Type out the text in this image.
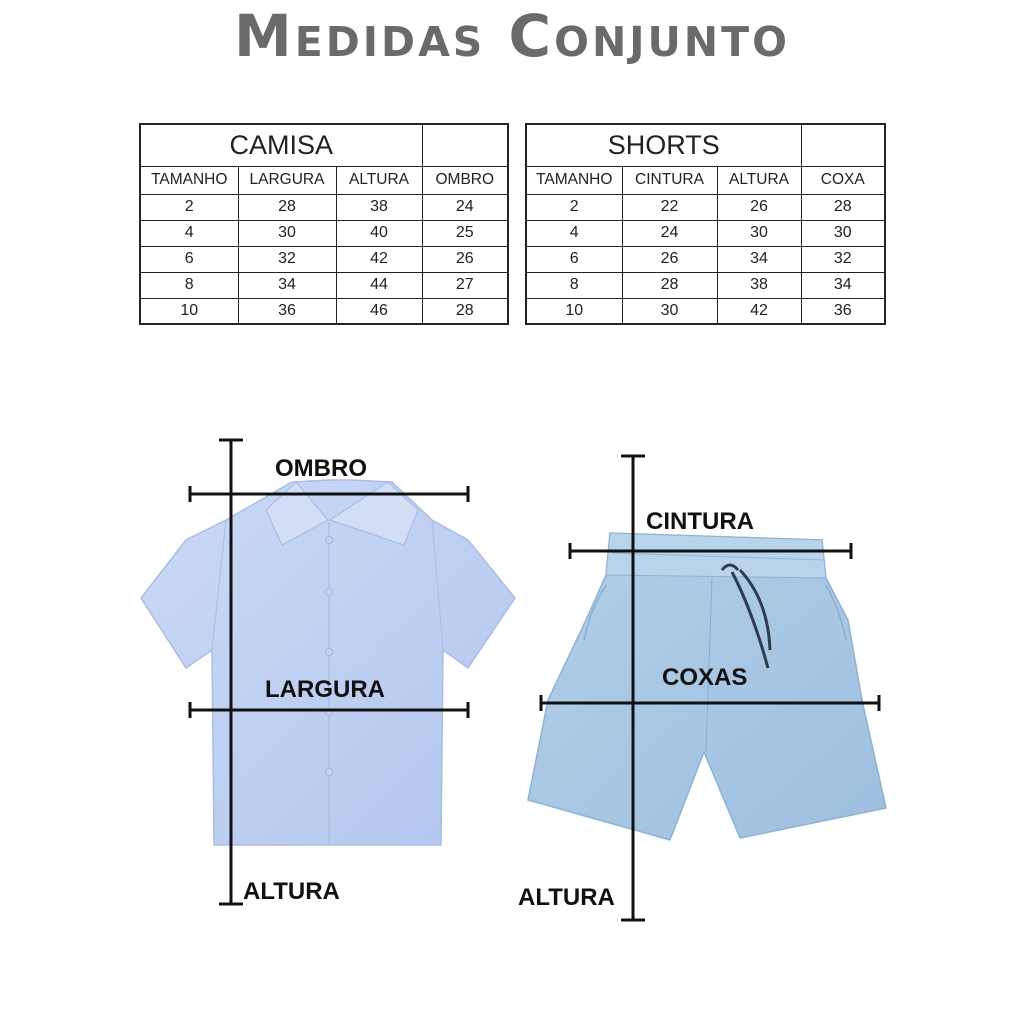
Medidas Conjunto
CAMISA			
TAMANHO	LARGURA	ALTURA	OMBRO
2	28	38	24
4	30	40	25
6	32	42	26
8	34	44	27
10	36	46	28
SHORTS			
TAMANHO	CINTURA	ALTURA	COXA
2	22	26	28
4	24	30	30
6	26	34	32
8	28	38	34
10	30	42	36
OMBRO
LARGURA
ALTURA
CINTURA
COXAS
ALTURA
